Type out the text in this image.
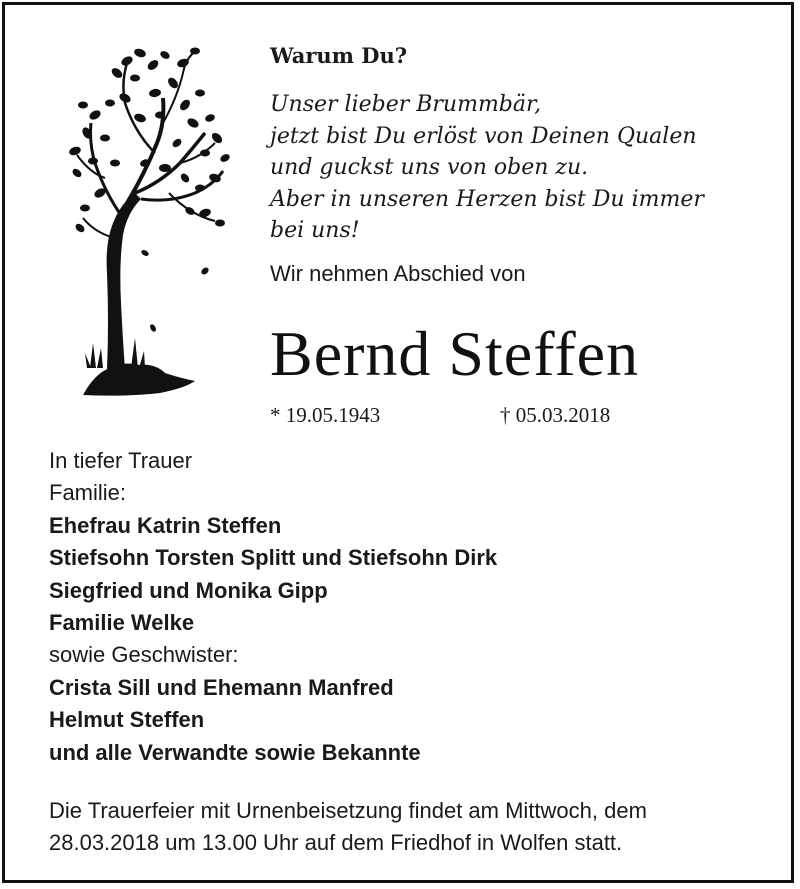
Warum Du?
Unser lieber Brummbär,
jetzt bist Du erlöst von Deinen Qualen
und guckst uns von oben zu.
Aber in unseren Herzen bist Du immer
bei uns!
Wir nehmen Abschied von
Bernd Steffen
* 19.05.1943	† 05.03.2018
In tiefer Trauer
Familie:
Ehefrau Katrin Steffen
Stiefsohn Torsten Splitt und Stiefsohn Dirk
Siegfried und Monika Gipp
Familie Welke
sowie Geschwister:
Crista Sill und Ehemann Manfred
Helmut Steffen
und alle Verwandte sowie Bekannte
Die Trauerfeier mit Urnenbeisetzung findet am Mittwoch, dem
28.03.2018 um 13.00 Uhr auf dem Friedhof in Wolfen statt.
